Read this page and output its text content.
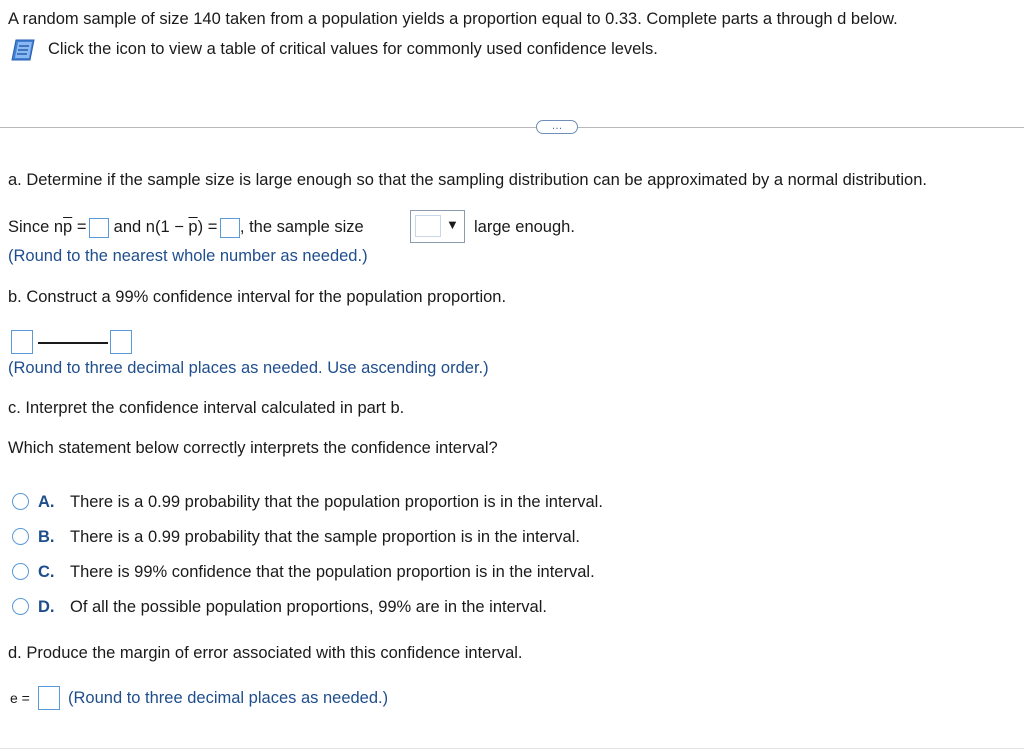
A random sample of size 140 taken from a population yields a proportion equal to 0.33. Complete parts a through d below.
Click the icon to view a table of critical values for commonly used confidence levels.
…
a. Determine if the sample size is large enough so that the sampling distribution can be approximated by a normal distribution.
Since $n\overline{p}$ = and $n(1 - \overline{p})$ = , the sample size	▼ large enough.
(Round to the nearest whole number as needed.)
b. Construct a 99% confidence interval for the population proportion.
(Round to three decimal places as needed. Use ascending order.)
c. Interpret the confidence interval calculated in part b.
Which statement below correctly interprets the confidence interval?
A. There is a 0.99 probability that the population proportion is in the interval.
B. There is a 0.99 probability that the sample proportion is in the interval.
C. There is 99% confidence that the population proportion is in the interval.
D. Of all the possible population proportions, 99% are in the interval.
d. Produce the margin of error associated with this confidence interval.
e = (Round to three decimal places as needed.)
